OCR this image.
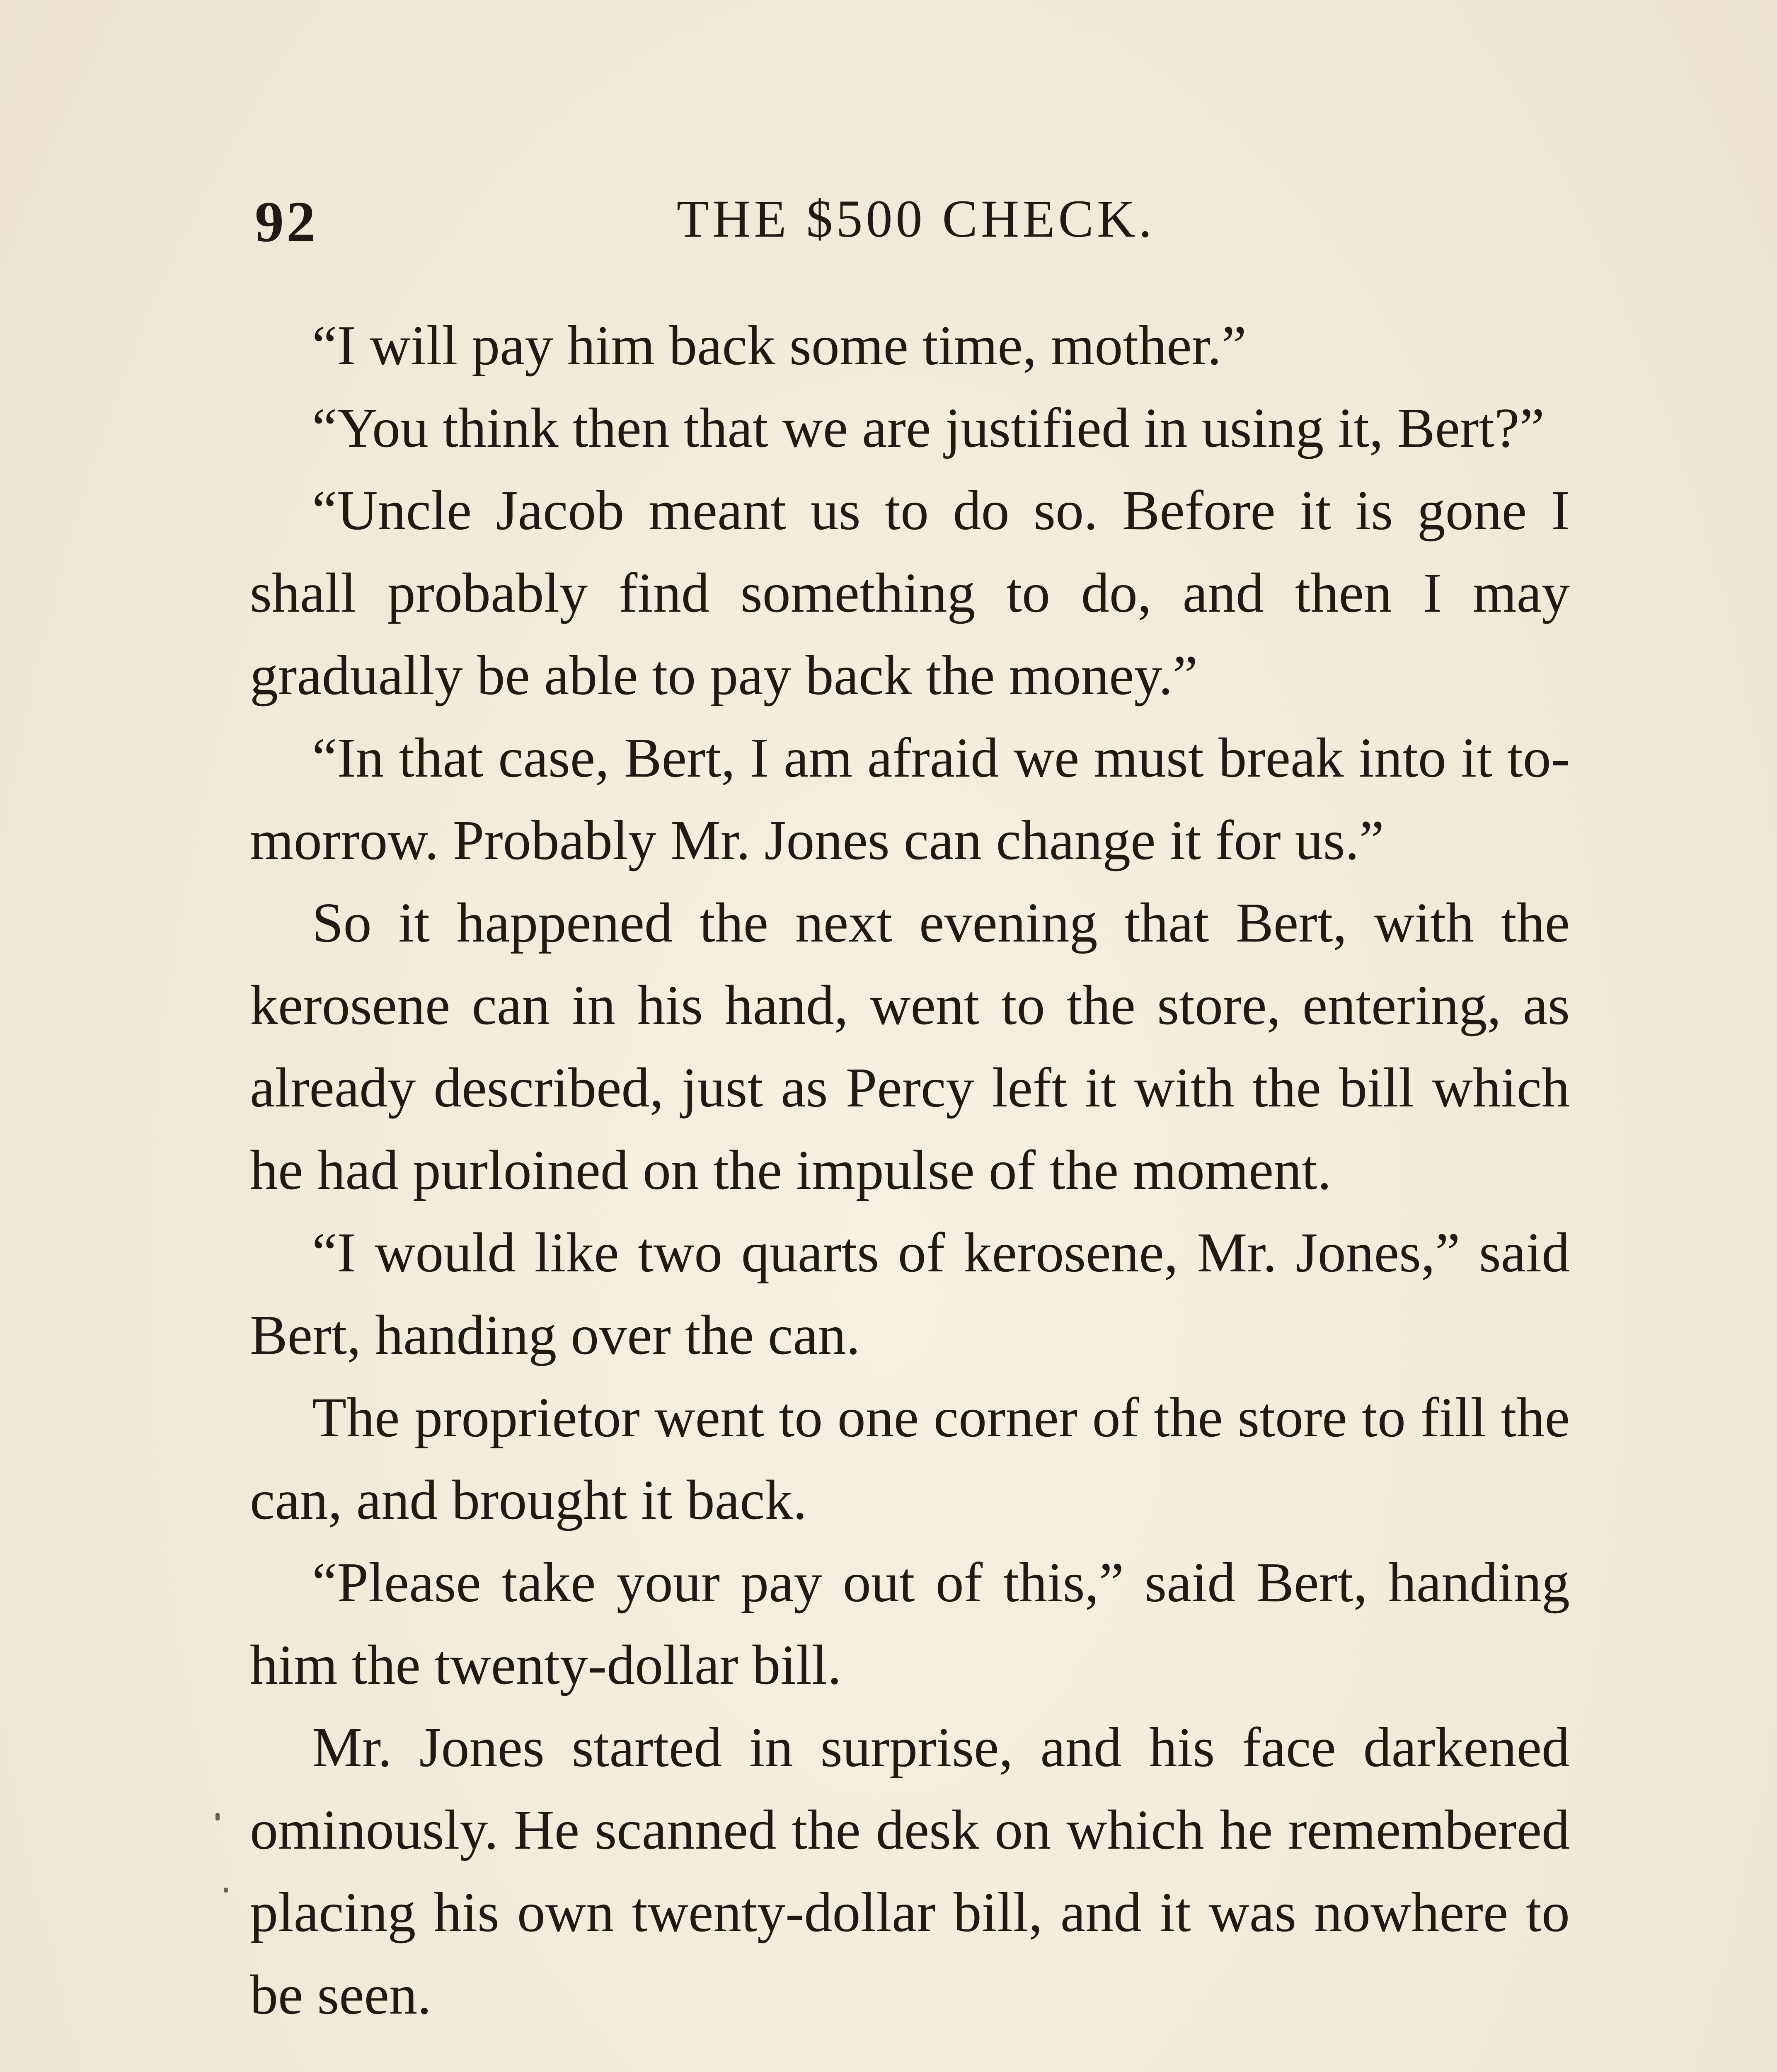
92	THE $500 CHECK.

“I will pay him back some time, mother.”

“You think then that we are justified in using it, Bert?”

“Uncle Jacob meant us to do so. Before it is gone I shall probably find something to do, and then I may gradually be able to pay back the money.”

“In that case, Bert, I am afraid we must break into it to-morrow. Probably Mr. Jones can change it for us.”

So it happened the next evening that Bert, with the kerosene can in his hand, went to the store, entering, as already described, just as Percy left it with the bill which he had purloined on the impulse of the moment.

“I would like two quarts of kerosene, Mr. Jones,” said Bert, handing over the can.

The proprietor went to one corner of the store to fill the can, and brought it back.

“Please take your pay out of this,” said Bert, handing him the twenty-dollar bill.

Mr. Jones started in surprise, and his face darkened ominously. He scanned the desk on which he remembered placing his own twenty-dollar bill, and it was nowhere to be seen.
